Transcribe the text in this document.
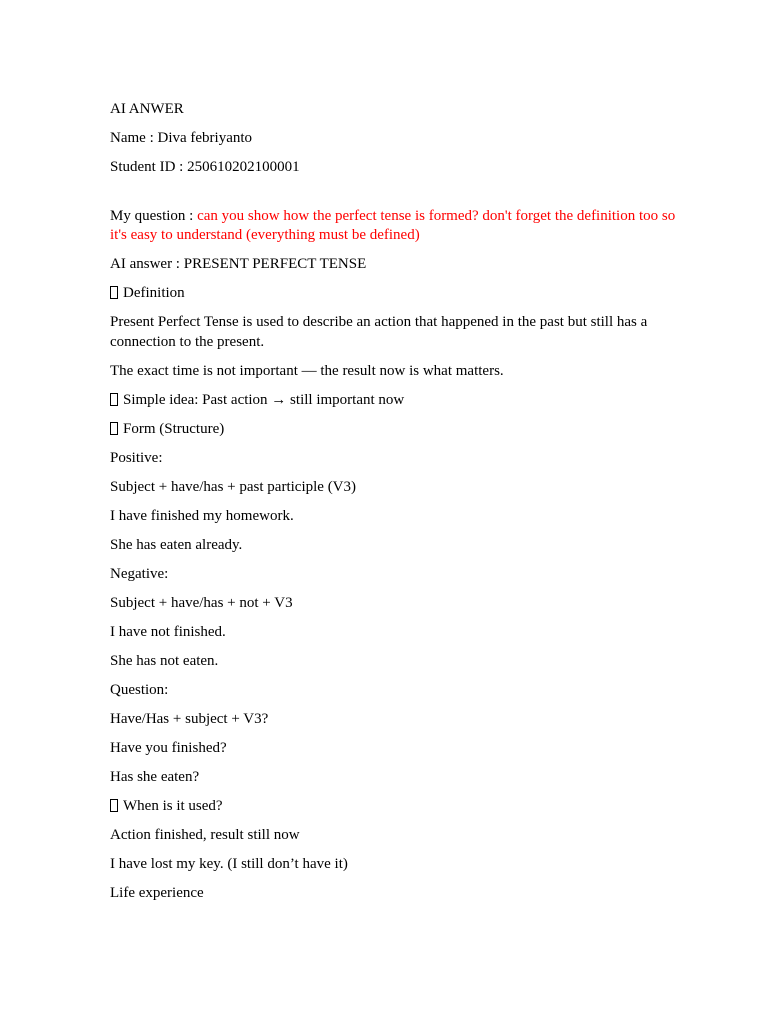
AI ANWER

Name : Diva febriyanto

Student ID : 250610202100001

My question : can you show how the perfect tense is formed? don't forget the definition too so it's easy to understand (everything must be defined)

AI answer : PRESENT PERFECT TENSE

Definition

Present Perfect Tense is used to describe an action that happened in the past but still has a connection to the present.

The exact time is not important — the result now is what matters.

Simple idea: Past action → still important now

Form (Structure)

Positive:

Subject + have/has + past participle (V3)

I have finished my homework.

She has eaten already.

Negative:

Subject + have/has + not + V3

I have not finished.

She has not eaten.

Question:

Have/Has + subject + V3?

Have you finished?

Has she eaten?

When is it used?

Action finished, result still now

I have lost my key. (I still don’t have it)

Life experience
